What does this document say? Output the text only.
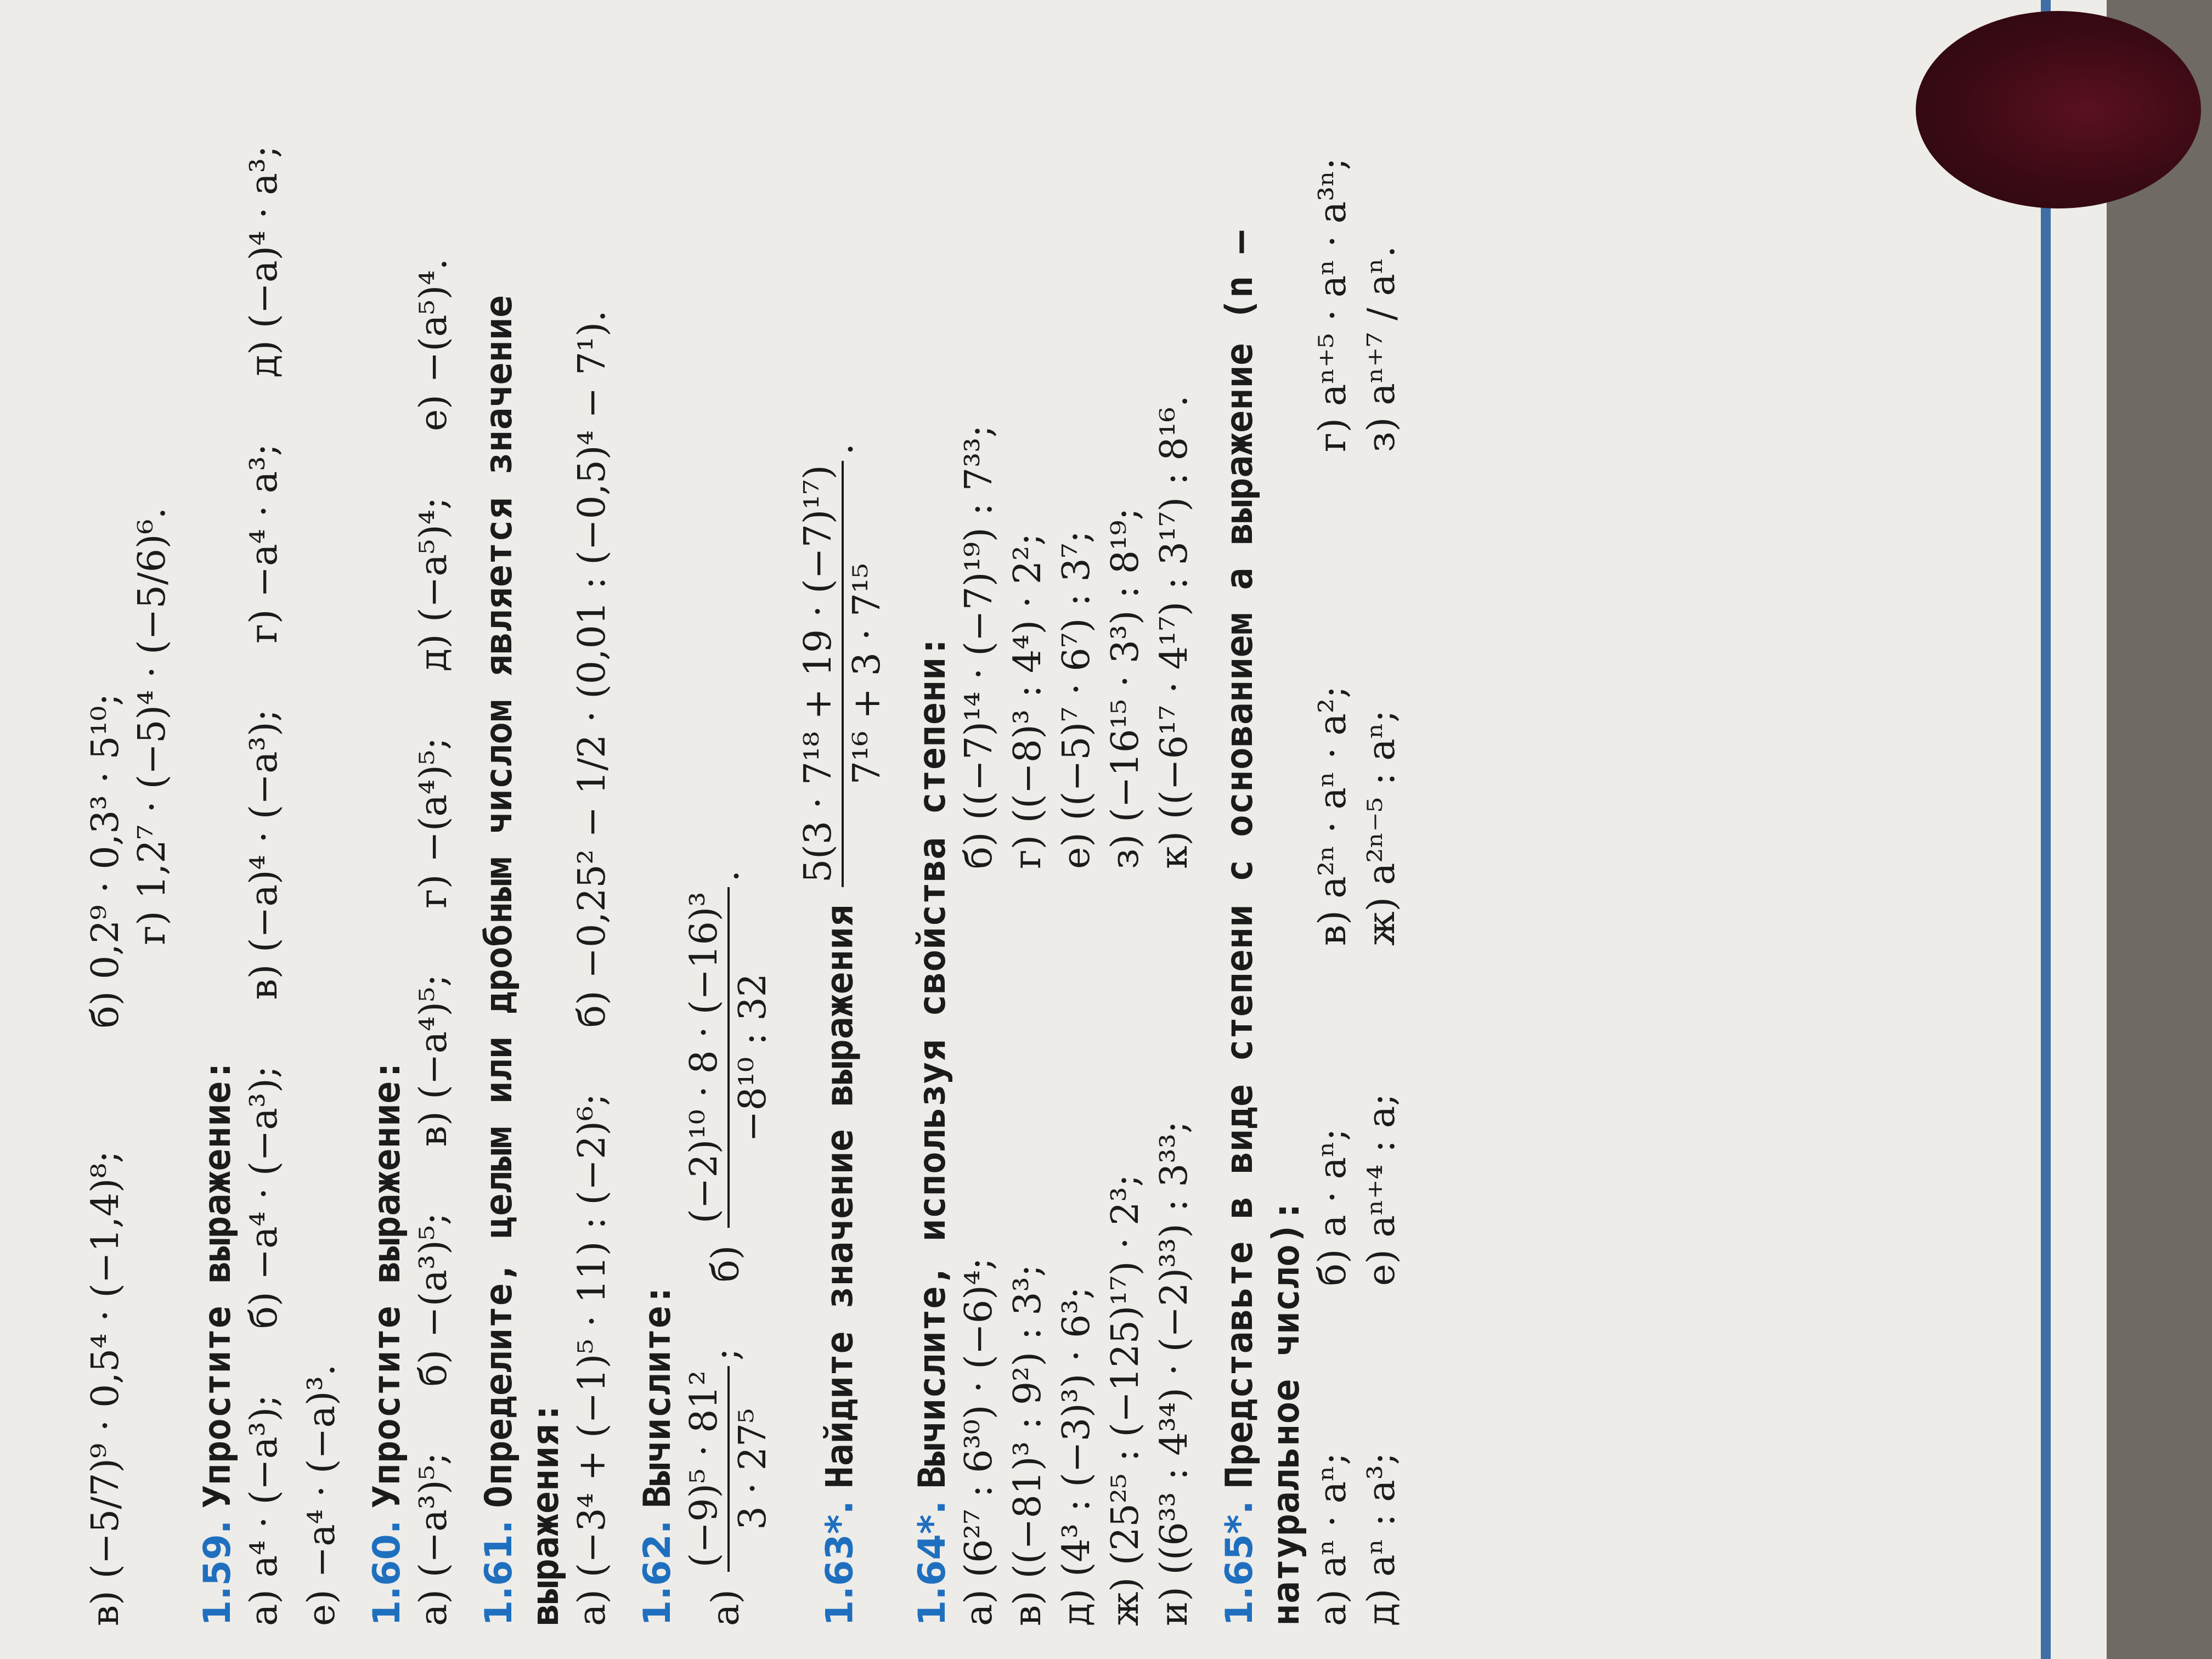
в) (−5/7)⁹ · 0,5⁴ · (−1,4)⁸;  б) 0,2⁹ · 0,3³ · 5¹⁰; г) 1,2⁷ · (−5)⁴ · (−5/6)⁶.
1.59. Упростите выражение:
а) a⁴ · (−a³);
б) −a⁴ · (−a³);
в) (−a)⁴ · (−a³);
г) −a⁴ · a³;
д) (−a)⁴ · a³;
е) −a⁴ · (−a)³. 1.60. Упростите выражение:
а) (−a³)⁵;
б) −(a³)⁵;
в) (−a⁴)⁵;
г) −(a⁴)⁵;
д) (−a⁵)⁴;
е) −(a⁵)⁴.
1.61. Определите, целым или дробным числом является значение выражения: а) (−3⁴ + (−1)⁵ · 11) : (−2)⁶;
б) −0,25² − 1/2 · (0,01 : (−0,5)⁴ − 7¹).
1.62. Вычислите:
а)
(−9)⁵ · 81² 3 · 27⁵
;
б)
(−2)¹⁰ · 8 · (−16)³ −8¹⁰ : 32
.
1.63*. Найдите значение выражения
5(3 · 7¹⁸ + 19 · (−7)¹⁷) 7¹⁶ + 3 · 7¹⁵
.
1.64*. Вычислите, используя свойства степени: а) (6²⁷ : 6³⁰) · (−6)⁴;
б) ((−7)¹⁴ · (−7)¹⁹) : 7³³;
в) ((−81)³ : 9²) : 3³;
г) ((−8)³ : 4⁴) · 2²;
д) (4³ : (−3)³) · 6³;
е) ((−5)⁷ · 6⁷) : 3⁷;
ж) (25²⁵ : (−125)¹⁷) · 2³;
з) (−16¹⁵ · 3³) : 8¹⁹;
и) ((6³³ : 4³⁴) · (−2)³³) : 3³³;
к) ((−6¹⁷ · 4¹⁷) : 3¹⁷) : 8¹⁶.
1.65*. Представьте в виде степени с основанием a выражение (n — натуральное число): а) aⁿ · aⁿ;
б) a · aⁿ;
в) a²ⁿ · aⁿ · a²;
г) aⁿ⁺⁵ · aⁿ · a³ⁿ;
д) aⁿ : a³;
е) aⁿ⁺⁴ : a;
ж) a²ⁿ⁻⁵ : aⁿ;
з) aⁿ⁺⁷ / aⁿ.
